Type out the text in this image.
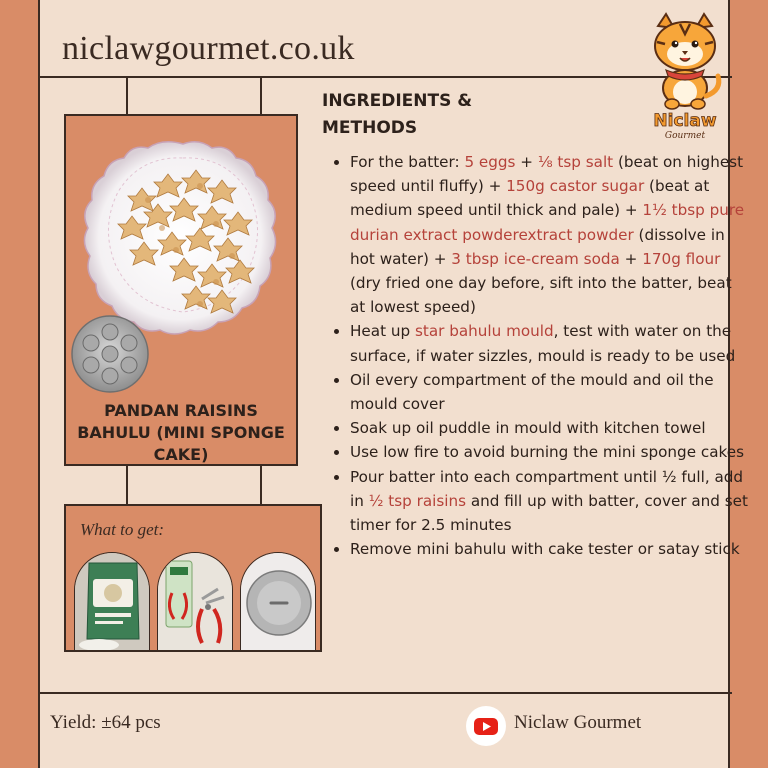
niclawgourmet.co.uk
INGREDIENTS &
METHODS	Niclaw
Gourmet
PANDAN RAISINS
BAHULU (MINI SPONGE
CAKE)
What to get:
• For the batter: 5 eggs + ⅛ tsp salt (beat on highest speed until fluffy) + 150g castor sugar (beat at medium speed until thick and pale) + 1½ tbsp pure durian extract powderextract powder (dissolve in hot water) + 3 tbsp ice-cream soda + 170g flour (dry fried one day before, sift into the batter, beat at lowest speed)
• Heat up star bahulu mould, test with water on the surface, if water sizzles, mould is ready to be used
• Oil every compartment of the mould and oil the mould cover
• Soak up oil puddle in mould with kitchen towel
• Use low fire to avoid burning the mini sponge cakes
• Pour batter into each compartment until ½ full, add in ½ tsp raisins and fill up with batter, cover and set timer for 2.5 minutes
• Remove mini bahulu with cake tester or satay stick
Yield: ±64 pcs	Niclaw Gourmet
